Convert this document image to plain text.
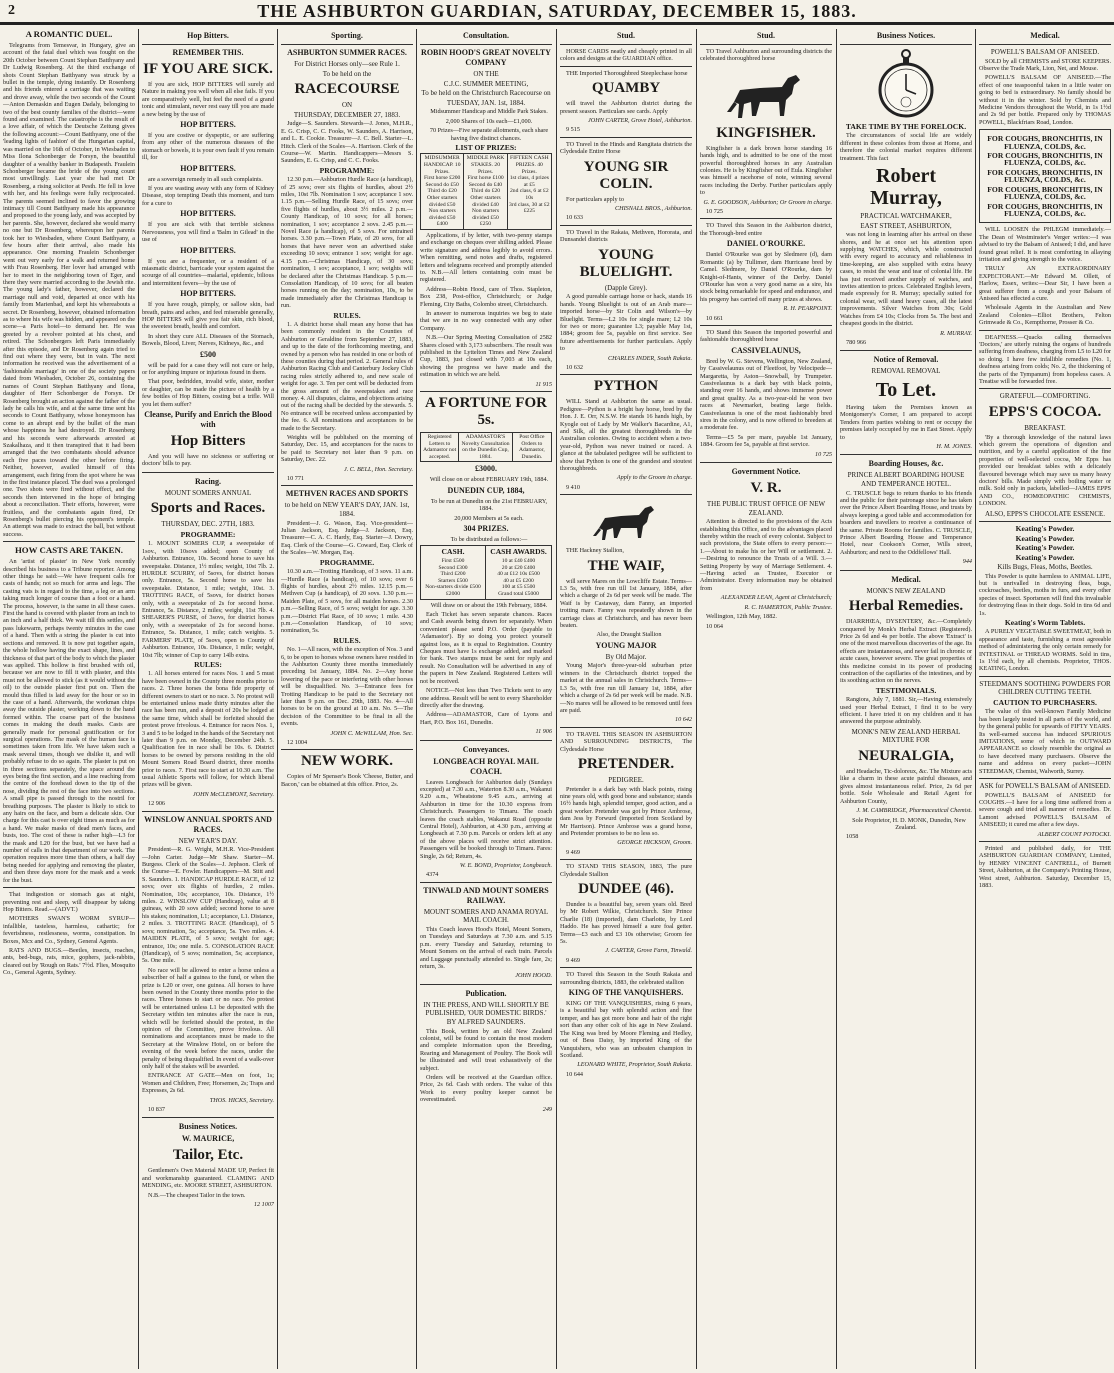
2	THE ASHBURTON GUARDIAN, SATURDAY, DECEMBER 15, 1883.
A ROMANTIC DUEL.

Telegrams from Temesvar, in Hungary, give an account of the fatal duel which was fought on the 20th October between Count Stephan Batthyany and Dr Ludwig Rosenberg. At the third exchange of shots Count Stephan Batthyany was struck by a bullet in the temple, dying instantly. Dr Rosenberg and his friends entered a carriage that was waiting and drove away, while the two seconds of the Count—Anton Demaskin and Eugen Dadaly, belonging to two of the best county families of the district—were found and examined. The catastrophe is the result of a love affair, of which the Deutsche Zeitung gives the following account:—Count Batthyany, one of the 'leading lights of fashion' of the Hungarian capital, was married on the 16th of October, in Wiesbaden to Miss Ilona Schonberger de Forsyn, the beautiful daughter of a wealthy banker in Budapesth. Fraulein Schonberger became the bride of the young count most unwillingly. Last year she had met Dr Rosenberg, a rising solicitor at Pesth. He fell in love with her, and his feelings were fully reciprocated. The parents seemed inclined to favor the growing intimacy till Count Batthyany made his appearance and proposed to the young lady, and was accepted by her parents. She, however, declared she would marry no one but Dr Rosenberg, whereupon her parents took her to Wiesbaden, where Count Batthyany, a few hours after their arrival, also made his appearance. One morning Fraulein Schonberger went out very early for a walk and returned home with Frau Rosenberg. Her lover had arranged with her to meet in the neighboring town of Eger, and there they were married according to the Jewish rite. The young lady's father, however, declared the marriage null and void, departed at once with his family from Marienbad, and kept his whereabouts a secret. Dr Rosenberg, however, obtained information as to where his wife was hidden, and appeared on the scene—a Paris hotel—to demand her. He was greeted by a revolver pointed at his chest, and retired. The Schonbergers left Paris immediately after this episode, and Dr Rosenberg again tried to find out where they were, but in vain. The next information he received was the advertisement of a 'fashionable marriage' in one of the society papers dated from Wiesbaden, October 26, containing the names of Count Stephan Batthyany and Ilona, daughter of Herr Schonberger de Forsyn. Dr Rosenberg brought an action against the father of the lady he calls his wife, and at the same time sent his seconds to Count Batthyany, whose honeymoon has come to an abrupt end by the bullet of the man whose happiness he had destroyed. Dr Rosenberg and his seconds were afterwards arrested at Szakalhaza, and it then transpired that it had been arranged that the two combatants should advance each five paces toward the other before firing. Neither, however, availed himself of this arrangement, each firing from the spot where he was in the first instance placed. The duel was a prolonged one. Two shots were fired without effect, and the seconds then intervened in the hope of bringing about a reconciliation. Their efforts, however, were fruitless, and the combatants again fired, Dr Rosenberg's bullet piercing his opponent's temple. An attempt was made to extract the ball, but without success.

HOW CASTS ARE TAKEN.

An 'artist of plaster' in New York recently described his business to a Tribune reporter. Among other things he said:—We have frequent calls for casts of hands; not so much for arms and legs. The casting vats is in regard to the time, a leg or an arm taking much longer of course than a foot or a hand. The process, however, is the same in all these cases. First the hand is covered with plaster from an inch to an inch and a half thick. We wait till this settles, and pass lukewarm, perhaps twenty minutes in the case of a hand. Then with a string the plaster is cut into sections and removed. It is now put together again, the whole hollow having the exact shape, lines, and thickness of that part of the body to which the plaster was applied. This hollow is first brushed with oil, because we are now to fill it with plaster, and this must not be allowed to stick (as it would without the oil) to the outside plaster first put on. Then the mould thus filled is laid away for the hour or so in the case of a hand. Afterwards, the workman chips away the outside plaster, working down to the hand formed within. The coarse part of the business comes in making the death masks. Casts are generally made for personal gratification or for surgical operations. The mask of the human face is sometimes taken from life. We have taken such a mask several times, though we dislike it, and will probably refuse to do so again. The plaster is put on in three sections separately, the space around the eyes being the first section, and a line reaching from the centre of the forehead down to the tip of the nose, dividing the rest of the face into two sections. A small pipe is passed through to the nostril for breathing purposes. The plaster is likely to stick to any hairs on the face, and burn a delicate skin. Our charge for this cast is over eight times as much as for a hand. We make masks of dead men's faces, and busts, too. The cost of these is rather high—L3 for the mask and L20 for the bust, but we have had a number of calls in that department of our work. The operation requires more time than others, a half day being needed for applying and removing the plaster, and then three days more for the mask and a week for the bust.

That indigestion or stomach gas at night, preventing rest and sleep, will disappear by taking Hop Bitters. Read.—(ADVT.)

MOTHERS SWAN'S WORM SYRUP—infallible, tasteless, harmless, cathartic; for feverishness, restlessness, worms, constipation. In Boxes, Mcx and Co., Sydney, General Agents.

RATS AND BUGS.—Beetles, insects, roaches, ants, bed-bugs, rats, mice, gophers, jack-rabbits, cleared out by 'Rough on Rats.' 7½d. Flies, Mosquito Co., General Agents, Sydney.

Hop Bitters.
REMEMBER THIS.
IF YOU ARE SICK.

If you are sick, HOP BITTERS will surely aid Nature in making you well when all else fails. If you are comparatively well, but feel the need of a grand tonic and stimulant, never rest easy till you are made a new being by the use of

HOP BITTERS.

If you are costive or dyspeptic, or are suffering from any other of the numerous diseases of the stomach or bowels, it is your own fault if you remain ill, for

HOP BITTERS.

are a sovereign remedy in all such complaints.

If you are wasting away with any form of Kidney Disease, stop tempting Death this moment, and turn for a cure to

HOP BITTERS.

If you are sick with that terrible sickness Nervousness, you will find a 'Balm in Gilead' in the use of

HOP BITTERS.

If you are a frequenter, or a resident of a miasmatic district, barricade your system against the scourge of all countries—malarial, epidemic, bilious and intermittent fevers—by the use of

HOP BITTERS.

If you have rough, pimply, or sallow skin, bad breath, pains and aches, and feel miserable generally, HOP BITTERS will give you fair skin, rich blood, the sweetest breath, health and comfort.

In short they cure ALL Diseases of the Stomach, Bowels, Blood, Liver, Nerves, Kidneys, &c., and

£500

will be paid for a case they will not cure or help, or for anything impure or injurious found in them.

That poor, bedridden, invalid wife, sister, mother or daughter, can be made the picture of health by a few bottles of Hop Bitters, costing but a trifle. Will you let them suffer?

Cleanse, Purify and Enrich the Blood with
Hop Bitters

And you will have no sickness or suffering or doctors' bills to pay.

Racing.
MOUNT SOMERS ANNUAL
Sports and Races.
THURSDAY, DEC. 27TH, 1883.
PROGRAMME:

1. MOUNT SOMERS CUP, a sweepstake of 1sov., with 10sovs added; open County of Ashburton. Entrance, 10s. Second horse to save his sweepstake. Distance, 1½ miles; weight, 10st 7lb. 2. HURDLE SCURRY, of 5sovs, for district horses only. Entrance, 5s. Second horse to save his sweepstake. Distance, 1 mile; weight, 10st. 3. TROTTING RACE, of 5sovs, for district horses only, with a sweepstake of 2s for second horse. Entrance, 5s. Distance, 2 miles; weight, 11st 7lb. 4. SHEARER'S PURSE, of 3sovs, for district horses only, with a sweepstake of 2s for second horse. Entrance, 5s. Distance, 1 mile; catch weights. 5. FARMERS' PLATE, of 5sovs, open to County of Ashburton. Entrance, 10s. Distance, 1 mile; weight, 10st 7lb; winner of Cup to carry 14lb extra.

RULES:

1. All horses entered for races Nos. 1 and 5 must have been owned in the County three months prior to races. 2. Three horses the bona fide property of different owners to start or no race. 3. No protest will be entertained unless made thirty minutes after the race has been run, and a deposit of 20s be lodged at the same time, which shall be forfeited should the protest prove frivolous. 4. Entrance for races Nos. 1, 3 and 5 to be lodged in the hands of the Secretary not later than 9 p.m. on Monday, December 24th. 5. Qualification fee in race shall be 10s. 6. District horses to be owned by persons residing in the old Mount Somers Road Board district, three months prior to races. 7. First race to start at 10.30 a.m. The usual Athletic Sports will follow, for which liberal prizes will be given.

JOHN McCLEMONT, Secretary.

12 906

WINSLOW ANNUAL SPORTS AND RACES.
NEW YEAR'S DAY.

President—R. G. Wright, M.H.R. Vice-President—John Carter. Judge—Mr Shaw. Starter—M. Burgess. Clerk of the Scales—J. Jephson. Clerk of the Course—E. Fowler. Handicappers—M. Stitt and S. Saunders. 1. HANDICAP HURDLE RACE, of 12 sovs; over six flights of hurdles, 2 miles. Nomination, 10s; acceptance, 10s. Distance, 1½ miles. 2. WINSLOW CUP (Handicap), value at 8 guineas, with 20 sovs added; second horse to save his stakes; nomination, L1; acceptance, L1. Distance, 2 miles. 3. TROTTING RACE (Handicap), of 5 sovs; nomination, 5s; acceptance, 5s. Two miles. 4. MAIDEN PLATE, of 5 sovs; weight for age; entrance, 10s; one mile. 5. CONSOLATION RACE (Handicap), of 5 sovs; nomination, 5s; acceptance, 5s. One mile.

No race will be allowed to enter a horse unless a subscriber of half a guinea to the fund, or when the prize is L20 or over, one guinea. All horses to have been owned in the County three months prior to the races. Three horses to start or no race. No protest will be entertained unless L1 be deposited with the Secretary within ten minutes after the race is run, which will be forfeited should the protest, in the opinion of the Committee, prove frivolous. All nominations and acceptances must be made to the Secretary at the Winslow Hotel, on or before the evening of the week before the races, under the penalty of being disqualified. In event of a walk-over only half of the stakes will be awarded.

ENTRANCE AT GATE—Men on foot, 1s; Women and Children, Free; Horsemen, 2s; Traps and Expresses, 2s 6d.

THOS. HICKS, Secretary.

10 837

Business Notices.
W. MAURICE,
Tailor, Etc.

Gentlemen's Own Material MADE UP, Perfect fit and workmanship guaranteed. CLAMING AND MENDING, etc. MOORE STREET, ASHBURTON.

N.B.—The cheapest Tailor in the town.

12 1007

Sporting.
ASHBURTON SUMMER RACES.
For District Horses only—see Rule 1.
To be held on the
RACECOURSE
ON
THURSDAY, DECEMBER 27, 1883.

Judge—S. Saunders. Stewards—J. Jones, M.H.R., E. G. Crisp, C. C. Fooks, W. Saunders, A. Harrison, and L. E. Cookie. Treasurer—J. C. Bell. Starter—L. Hitch. Clerk of the Scales—A. Harrison. Clerk of the Course—W. Martin. Handicappers—Messrs S. Saunders, E. G. Crisp, and C. C. Fooks.

PROGRAMME:

12.30 p.m.—Ashburton Hurdle Race (a handicap), of 25 sovs; over six flights of hurdles, about 2½ miles, 10st 7lb. Nomination 1 sov; acceptance 1 sov. 1.15 p.m.—Selling Hurdle Race, of 15 sovs; over five flights of hurdles, about 3½ miles. 2 p.m.—County Handicap, of 10 sovs; for all horses; nomination, 1 sov; acceptance 2 sovs. 2.45 p.m.—Novel Race (a handicap), of 5 sovs. For untrained horses. 3.30 p.m.—Town Plate, of 20 sovs, for all horses that have never won an advertised stake exceeding 10 sovs; entrance 1 sov; weight for age. 4.15 p.m.—Christmas Handicap, of 30 sovs; nomination, 1 sov; acceptance, 1 sov; weights will be declared after the Christmas Handicap. 5 p.m.—Consolation Handicap, of 10 sovs; for all beaten horses running on the day; nomination, 10s, to be made immediately after the Christmas Handicap is run.

RULES.

1. A district horse shall mean any horse that has been commonly resident in the Counties of Ashburton or Geraldine from September 27, 1883, and up to the date of the forthcoming meeting, and owned by a person who has resided in one or both of these counties during that period. 2. General rules of Ashburton Racing Club and Canterbury Jockey Club racing rules strictly adhered to, and new scale of weight for age. 3. Ten per cent will be deducted from the gross amount of the sweepstakes and race money. 4. All disputes, claims, and objections arising out of the racing shall be decided by the stewards. 5. No entrance will be received unless accompanied by the fee. 6. All nominations and acceptances to be made to the Secretary.

Weights will be published on the morning of Saturday, Dec. 15, and acceptances for the races to be paid to Secretary not later than 9 p.m. on Saturday, Dec. 22.

J. C. BELL, Hon. Secretary.

10 771

METHVEN RACES AND SPORTS
to be held on NEW YEAR'S DAY, JAN. 1st, 1884.

President—J. G. Wason, Esq. Vice-president—Julian Jackson, Esq. Judge—J. Jackson, Esq. Treasurer—C. A. C. Hardy, Esq. Starter—J. Dowry, Esq. Clerk of the Course—G. Coward, Esq. Clerk of the Scales—W. Morgan, Esq.

PROGRAMME.

10.30 a.m.—Trotting Handicap, of 3 sovs. 11 a.m.—Hurdle Race (a handicap), of 10 sovs; over 6 flights of hurdles, about 2½ miles. 12.15 p.m.—Methven Cup (a handicap), of 20 sovs. 1.30 p.m.—Maiden Plate, of 5 sovs, for all maiden horses. 2.30 p.m.—Selling Race, of 5 sovs; weight for age. 3.30 p.m.—District Flat Race, of 10 sovs; 1 mile. 4.30 p.m.—Consolation Handicap, of 10 sovs; nomination, 5s.

RULES.

No. 1—All races, with the exception of Nos. 3 and 6, to be open to horses whose owners have resided in the Ashburton County three months immediately preceding 1st January, 1884. No. 2—Any horse lowering of the pace or interfering with other horses will be disqualified. No. 3—Entrance fees for Trotting Handicap to be paid to the Secretary not later than 9 p.m. on Dec. 29th, 1883. No. 4—All horses to be on the ground at 10 a.m. No. 5—The decision of the Committee to be final in all the events.

JOHN C. McWILLAM, Hon. Sec.

12 1004

NEW WORK.

Copies of Mr Spenser's Book 'Cheese, Butter, and Bacon,' can be obtained at this office. Price, 2s.

Consultation.
ROBIN HOOD'S GREAT NOVELTY COMPANY
ON THE
C.J.C. SUMMER MEETING,
To be held on the Christchurch Racecourse on
TUESDAY, JAN. 1st, 1884.

Midsummer Handicap and Middle Park Stakes.

2,000 Shares of 10s each—£1,000.

70 Prizes—Five separate allotments, each share having five distinct chances.

LIST OF PRIZES:
MIDSUMMER HANDICAP. 10 Prizes.
First horse £200
Second do £50
Third do £20
Other starters divided £50
Non starters divided £50
£400
MIDDLE PARK STAKES. 20 Prizes.
First horse £100
Second do £40
Third do £20
Other starters divided £40
Non starters divided £50
£250
FIFTEEN CASH PRIZES. 40 Prizes.
1st class, 4 prizes at £5
2nd class, 6 at £2 10s
3rd class, 30 at £2
£225

Applications, if by letter, with two-penny stamps and exchange on cheques over shilling added. Please write signature and address legibly to avoid errors. When remitting, send notes and drafts, registered letters and telegrams received and promptly attended to. N.B.—All letters containing coin must be registered.

Address—Robin Hood, care of Thos. Stapleton, Box 238, Post-office, Christchurch; or Judge Fleming, City Baths, Colombo street, Christchurch.

In answer to numerous inquiries we beg to state that we are in no way connected with any other Company.

N.B.—Our Spring Meeting Consultation of 2582 Shares closed with 3,173 subscribers. The result was published in the Lyttelton Times and New Zealand Cup, 1883, just closed with 7,003 at 10s each, showing the progress we have made and the estimation in which we are held.

11 915

A FORTUNE FOR 5s.
Registered Letters to Adamastor not accepted.
ADAMASTOR'S Novelty Consultation on the Dunedin Cup, 1884.
Post Office Orders to Adamastor, Dunedin.
£3000.

Will close on or about FEBRUARY 19th, 1884.

DUNEDIN CUP, 1884,

To be run at Dunedin on the 21st FEBRUARY, 1884.

20,000 Members at 5s each.

304 PRIZES.

To be distributed as follows:—

CASH.
First £500
Second £300
Third £200
Starters £500
Non-starters divide £500
£2000
CASH AWARDS.
10 at £40 £400
20 at £20 £400
40 at £12 10s £500
40 at £5 £200
100 at £5 £500
Grand total £5000

Will draw on or about the 19th February, 1884.

Each Ticket has seven separate chances. Races and Cash awards being drawn for separately. When convenient please send P.O. Order (payable to 'Adamastor'). By so doing you protect yourself against loss, as it is equal to Registration. Country Cheques must have 1s exchange added, and marked for bank. Two stamps must be sent for reply and result. No Consultation will be advertised in any of the papers in New Zealand. Registered Letters will not be received.

NOTICE—Not less than Two Tickets sent to any one address. Result will be sent to every Shareholder directly after the drawing.

Address—ADAMASTOR, Care of Lyons and Hart, P.O. Box 161, Dunedin.

11 906

Conveyances.
LONGBEACH ROYAL MAIL COACH.

Leaves Longbeach for Ashburton daily (Sundays excepted) at 7.30 a.m., Waterton 8.30 a.m., Wakanui 9.20 a.m., Wheatstone 9.45 a.m., arriving at Ashburton in time for the 10.30 express from Christchurch. Passengers to Timaru. The coach leaves the coach stables, Wakanui Road (opposite Central Hotel), Ashburton, at 4.30 p.m., arriving at Longbeach at 7.30 p.m. Parcels or orders left at any of the above places will receive strict attention. Passengers will be booked through to Timaru. Fares: Single, 2s 6d; Return, 4s.

W. E. BOND, Proprietor, Longbeach.

4374

TINWALD AND MOUNT SOMERS RAILWAY.
MOUNT SOMERS AND ANAMA ROYAL MAIL COACH.

This Coach leaves Hood's Hotel, Mount Somers, on Tuesdays and Saturdays at 7.30 a.m. and 5.15 p.m. every Tuesday and Saturday, returning to Mount Somers on the arrival of each train. Parcels and Luggage punctually attended to. Single fare, 2s; return, 3s.

JOHN HOOD.

Publication.
IN THE PRESS, AND WILL SHORTLY BE PUBLISHED, 'OUR DOMESTIC BIRDS.' BY ALFRED SAUNDERS.

This Book, written by an old New Zealand colonist, will be found to contain the most modern and complete information upon the Breeding, Rearing and Management of Poultry. The Book will be illustrated and will treat exhaustively of the subject.

Orders will be received at the Guardian office. Price, 2s 6d. Cash with orders. The value of this Work to every poultry keeper cannot be overestimated.

249

Stud.

HORSE CARDS neatly and cheaply printed in all colors and designs at the GUARDIAN office.

THE Imported Thoroughbred Steeplechase horse

QUAMBY

will travel the Ashburton district during the present season. Particulars see cards. Apply

JOHN CARTER, Grove Hotel, Ashburton.

9 515

TO Travel in the Hinds and Rangitata districts the Clydesdale Entire Horse

YOUNG SIR COLIN.

For particulars apply to

CHISNALL BROS., Ashburton.

10 633

TO Travel in the Rakaia, Methven, Hororata, and Dunsandel districts

YOUNG BLUELIGHT.
(Dapple Grey).

A good pureable carriage horse or hack, stands 16 hands. Young Bluelight is out of an Arab mare—imported horse—by Sir Colin and Wilson's—by Bluelight. Terms—L2 10s for single mare; L2 10s for two or more; guarantee L3; payable May 1st, 1884; groom fee 5s, payable on first service. See future advertisements for further particulars. Apply to

CHARLES INDER, South Rakaia.

10 632

PYTHON

WILL Stand at Ashburton the same as usual. Pedigree—Python is a bright bay horse, bred by the Hon. J. E. Orr, N.S.W. He stands 16 hands high, by Kyogle out of Lady by Mr Walker's Bacardine, A1, and Silk, all the greatest thoroughbreds in the Australian colonies. Owing to accident when a two-year-old, Python was never trained or raced. A glance at the tabulated pedigree will be sufficient to show that Python is one of the grandest and stoutest thoroughbreds.

Apply to the Groom in charge.

9 410

THE Hackney Stallion,

THE WAIF,

will serve Mares on the Lowcliffe Estate. Terms—L3 5s, with free run till 1st January, 1884, after which a charge of 2s 6d per week will be made. The Waif is by Castaway, dam Fanny, an imported trotting mare. Fanny was repeatedly shown in the carriage class at Christchurch, and has never been beaten.

Also, the Draught Stallion

YOUNG MAJOR
By Old Major.

Young Major's three-year-old suburban prize winners in the Christchurch district topped the market at the annual sales in Christchurch. Terms—L3 5s, with free run till January 1st, 1884, after which a charge of 2s 6d per week will be made. N.B.—No mares will be allowed to be removed until fees are paid.

10 642

TO TRAVEL THIS SEASON IN ASHBURTON AND SURROUNDING DISTRICTS, The Clydesdale Horse

PRETENDER.
PEDIGREE.

Pretender is a dark bay with black points, rising nine years old, with good bone and substance; stands 16½ hands high, splendid temper, good action, and a great worker. Pretender was got by Prince Ambrose, dam Jess by Forwurd (imported from Scotland by Mr Harrison). Prince Ambrose was a grand horse, and Pretender promises to be no less so.

GEORGE HICKSON, Groom.

9 469

TO STAND THIS SEASON, 1883, The pure Clydesdale Stallion

DUNDEE (46).

Dundee is a beautiful bay, seven years old. Bred by Mr Robert Wilkie, Christchurch. Sire Prince Charlie (18) (imported), dam Charlotte, by Lord Haddo. He has proved himself a sure foal getter. Terms—£3 each and £3 10s otherwise; Groom fee 5s.

J. CARTER, Grove Farm, Tinwald.

9 469

TO Travel this Season in the South Rakaia and surrounding districts, 1883, the celebrated stallion

KING OF THE VANQUISHERS.

KING OF THE VANQUISHERS, rising 6 years, is a beautiful bay with splendid action and fine temper, and has got more bone and hair of the right sort than any other colt of his age in New Zealand. The King was bred by Moore Fleming and Hedley, out of Bess Daisy, by imported King of the Vanquishers, who was an unbeaten champion in Scotland.

LEONARD WHITE, Proprietor, South Rakaia.

10 644

Stud.

TO Travel Ashburton and surrounding districts the celebrated thoroughbred horse

KINGFISHER.

Kingfisher is a dark brown horse standing 16 hands high, and is admitted to be one of the most powerful thoroughbred horses in any Australian colonies. He is by Kingfisher out of Eula. Kingfisher was himself a racehorse of note, winning several races including the Derby. Further particulars apply to

G. E. GOODSON, Ashburton; Or Groom in charge.

10 725

TO Travel this Season in the Ashburton district, the Thorough-bred entire

DANIEL O'ROURKE.

Daniel O'Rourke was got by Sledmere (d), dam Romantic (a) by Tullimer, dam Hurricane bred by Camel. Sledmere, by Daniel O'Rourke, dam by Knight-of-Hants, winner of the Derby. Daniel O'Rourke has won a very good name as a sire, his stock being remarkable for speed and endurance, and his progeny has carried off many prizes at shows.

R. H. PEARPOINT.

10 661

TO Stand this Season the imported powerful and fashionable thoroughbred horse

CASSIVELAUNUS,

Bred by W. G. Stevens, Wellington, New Zealand, by Cassivelaunus out of Fleetfoot, by Velocipede—Margaretta, by Aston—Snowball, by Trumpeter. Cassivelaunus is a dark bay with black points, standing over 16 hands, and shows immense power and great quality. As a two-year-old he won two races at Newmarket, beating large fields. Cassivelaunus is one of the most fashionably bred sires in the colony, and is now offered to breeders at a moderate fee.

Terms—£5 5s per mare, payable 1st January, 1884. Groom fee 5s, payable at first service.

10 725

Government Notice.
V. R.
THE PUBLIC TRUST OFFICE OF NEW ZEALAND.

Attention is directed to the provisions of the Acts establishing this Office, and to the advantages placed thereby within the reach of every colonist. Subject to such provisions, the State offers to every person:— 1.—About to make his or her Will or settlement. 2.—Desiring to renounce the Trusts of a Will. 3.—Setting Property by way of Marriage Settlement. 4.—Having acted as Trustee, Executor or Administrator. Every information may be obtained from

ALEXANDER LEAN, Agent at Christchurch;

R. C. HAMERTON, Public Trustee.

Wellington, 12th May, 1882.

10 064

Business Notices.
TAKE TIME BY THE FORELOCK.

The circumstances of social life are widely different in these colonies from those at Home, and therefore the colonial market requires different treatment. This fact

Robert Murray,
PRACTICAL WATCHMAKER,
EAST STREET, ASHBURTON,

was not long in learning after his arrival on these shores, and he at once set his attention upon supplying WATCHES, which, while constructed with every regard to accuracy and reliableness in time-keeping, are also supplied with extra heavy cases, to resist the wear and tear of colonial life. He has just received another supply of watches, and invites attention to prices. Celebrated English levers, made expressly for R. Murray; specially suited for colonial wear, will stand heavy cases, all the latest improvements. Silver Watches from 30s; Gold Watches from £4 10s; Clocks from 5s. The best and cheapest goods in the district.

R. MURRAY.

780 966

Notice of Removal.
REMOVAL REMOVAL
To Let.

Having taken the Premises known as Montgomery's Corner, I am prepared to accept Tenders from parties wishing to rent or occupy the premises lately occupied by me in East Street. Apply to

H. M. JONES.

Boarding Houses, &c.
PRINCE ALBERT BOARDING HOUSE AND TEMPERANCE HOTEL.

C. TRUSCLE begs to return thanks to his friends and the public for their patronage since he has taken over the Prince Albert Boarding House, and trusts by always keeping a good table and accommodation for boarders and travellers to receive a continuance of the same. Private Rooms for families. C. TRUSCLE, Prince Albert Boarding House and Temperance Hotel, near Cookson's Corner, Wills street, Ashburton; and next to the Oddfellows' Hall.

944

Medical.
MONK'S NEW ZEALAND
Herbal Remedies.

DIARRHŒA, DYSENTERY, &c.—Completely conquered by Monk's Herbal Extract (Registered). Price 2s 6d and 4s per bottle. The above 'Extract' is one of the most marvellous discoveries of the age. Its effects are instantaneous, and never fail in chronic or acute cases, however severe. The great properties of this medicine consist in its power of producing contraction of the capillaries of the intestines, and by its soothing action on the nerves.

TESTIMONIALS.

Rangiora, July 7, 1881. Sir,—Having extensively used your Herbal Extract, I find it to be very efficient. I have tried it on my children and it has answered the purpose admirably.

MONK'S NEW ZEALAND HERBAL MIXTURE FOR
NEURALGIA,

and Headache, Tic-doloreux, &c. The Mixture acts like a charm in these acute painful diseases, and gives almost instantaneous relief. Price, 2s 6d per bottle. Sole Wholesale and Retail Agent for Ashburton County,

J. M. CAMBRIDGE, Pharmaceutical Chemist.

Sole Proprietor, H. D. MONK, Dunedin, New Zealand.

1058

Medical.
POWELL'S BALSAM OF ANISEED.

SOLD by all CHEMISTS and STORE KEEPERS. Observe the Trade Mark, Lion, Net, and Mouse.

POWELL'S BALSAM OF ANISEED.—The effect of one teaspoonful taken in a little water on going to bed is extraordinary. No family should be without it in the winter. Sold by Chemists and Medicine Vendors throughout the World, in 1s 1½d and 2s 9d per bottle. Prepared only by THOMAS POWELL, Blackfriars Road, London.

FOR COUGHS, BRONCHITIS, IN FLUENZA, COLDS, &c.
FOR COUGHS, BRONCHITIS, IN FLUENZA, COLDS, &c.
FOR COUGHS, BRONCHITIS, IN FLUENZA, COLDS, &c.
FOR COUGHS, BRONCHITIS, IN FLUENZA, COLDS, &c.
FOR COUGHS, BRONCHITIS, IN FLUENZA, COLDS, &c.

WILL LOOSEN the PHLEGM immediately.—The Dean of Westminster's Verger writes:—I was advised to try the Balsam of Aniseed; I did, and have found great relief. It is most comforting in allaying irritation and giving strength to the voice.

TRULY AN EXTRAORDINARY EXPECTORANT.—Mr Edward M. Ollett, of Harlow, Essex, writes:—Dear Sir, I have been a great sufferer from a cough and your Balsam of Aniseed has effected a cure.

Wholesale Agents in the Australian and New Zealand Colonies—Elliot Brothers, Felton Grimwade & Co., Kempthorne, Prosser & Co.

DEAFNESS.—Quacks calling themselves 'Doctors,' are utterly ruining the organs of hundreds suffering from deafness, charging from L5 to L20 for so doing. I have few infallible remedies (No. 1, deafness arising from colds; No. 2, the thickening of the parts of the Tympanum) from hopeless cases. A Treatise will be forwarded free.

GRATEFUL—COMFORTING.
EPPS'S COCOA.
BREAKFAST.

'By a thorough knowledge of the natural laws which govern the operations of digestion and nutrition, and by a careful application of the fine properties of well-selected cocoa, Mr Epps has provided our breakfast tables with a delicately flavoured beverage which may save us many heavy doctors' bills. Made simply with boiling water or milk. Sold only in packets, labelled—JAMES EPPS AND CO., HOMŒOPATHIC CHEMISTS, LONDON.

ALSO, EPPS'S CHOCOLATE ESSENCE.
Keating's Powder.
Keating's Powder.
Keating's Powder.
Keating's Powder.
Kills Bugs, Fleas, Moths, Beetles.

This Powder is quite harmless to ANIMAL LIFE, but is unrivalled in destroying fleas, bugs, cockroaches, beetles, moths in furs, and every other species of insect. Sportsmen will find this invaluable for destroying fleas in their dogs. Sold in tins 6d and 1s.

Keating's Worm Tablets.

A PURELY VEGETABLE SWEETMEAT, both in appearance and taste, furnishing a most agreeable method of administering the only certain remedy for INTESTINAL or THREAD WORMS. Sold in tins, 1s 1½d each, by all chemists. Proprietor, THOS. KEATING, London.

STEEDMAN'S SOOTHING POWDERS FOR CHILDREN CUTTING TEETH.
CAUTION TO PURCHASERS.

The value of this well-known Family Medicine has been largely tested in all parts of the world, and by the general public for upwards of FIFTY YEARS. Its well-earned success has induced SPURIOUS IMITATIONS, some of which in OUTWARD APPEARANCE so closely resemble the original as to have deceived many purchasers. Observe the name and address on every packet—JOHN STEEDMAN, Chemist, Walworth, Surrey.

ASK for POWELL'S BALSAM of ANISEED.

POWELL'S BALSAM of ANISEED for COUGHS.—I have for a long time suffered from a severe cough and tried all manner of remedies. Dr. Lamont advised POWELL'S BALSAM of ANISEED; it cured me after a few days.

ALBERT COUNT POTOCKI.

Printed and published daily, for THE ASHBURTON GUARDIAN COMPANY, Limited, by HENRY VINCENT CANTRELL, of Burnett Street, Ashburton, at the Company's Printing House, West street, Ashburton. Saturday, December 15, 1883.
